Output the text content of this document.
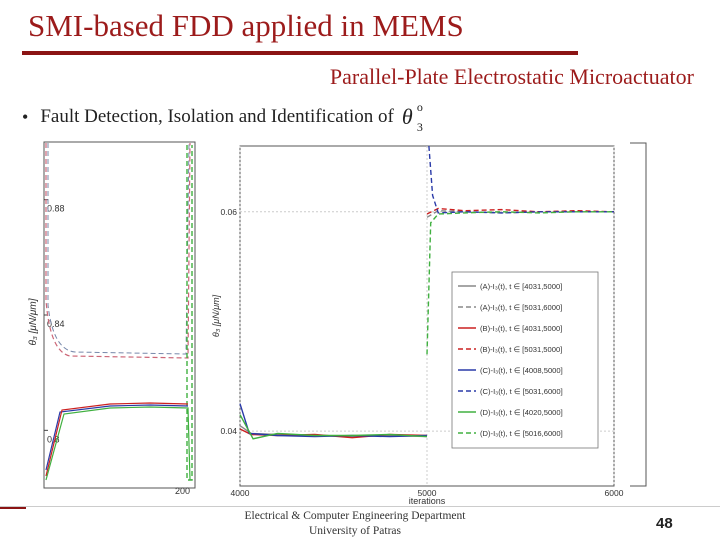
SMI-based FDD applied in MEMS
Parallel-Plate Electrostatic Microactuator
• Fault Detection, Isolation and Identification of θ o
3
0.8
0.84
0.88
200
θ₃ [μN/μm]
4000	5000	6000
0.04
0.06
iterations
θ₃ [μN/μm]
(A)-I₃(t), t ∈ [4031,5000]
(A)-I₃(t), t ∈ [5031,6000]
(B)-I₃(t), t ∈ [4031,5000]
(B)-I₃(t), t ∈ [5031,5000]
(C)-I₃(t), t ∈ [4008,5000]
(C)-I₃(t), t ∈ [5031,6000]
(D)-I₃(t), t ∈ [4020,5000]
(D)-I₃(t), t ∈ [5016,6000]
Electrical & Computer Engineering Department
University of Patras	48
